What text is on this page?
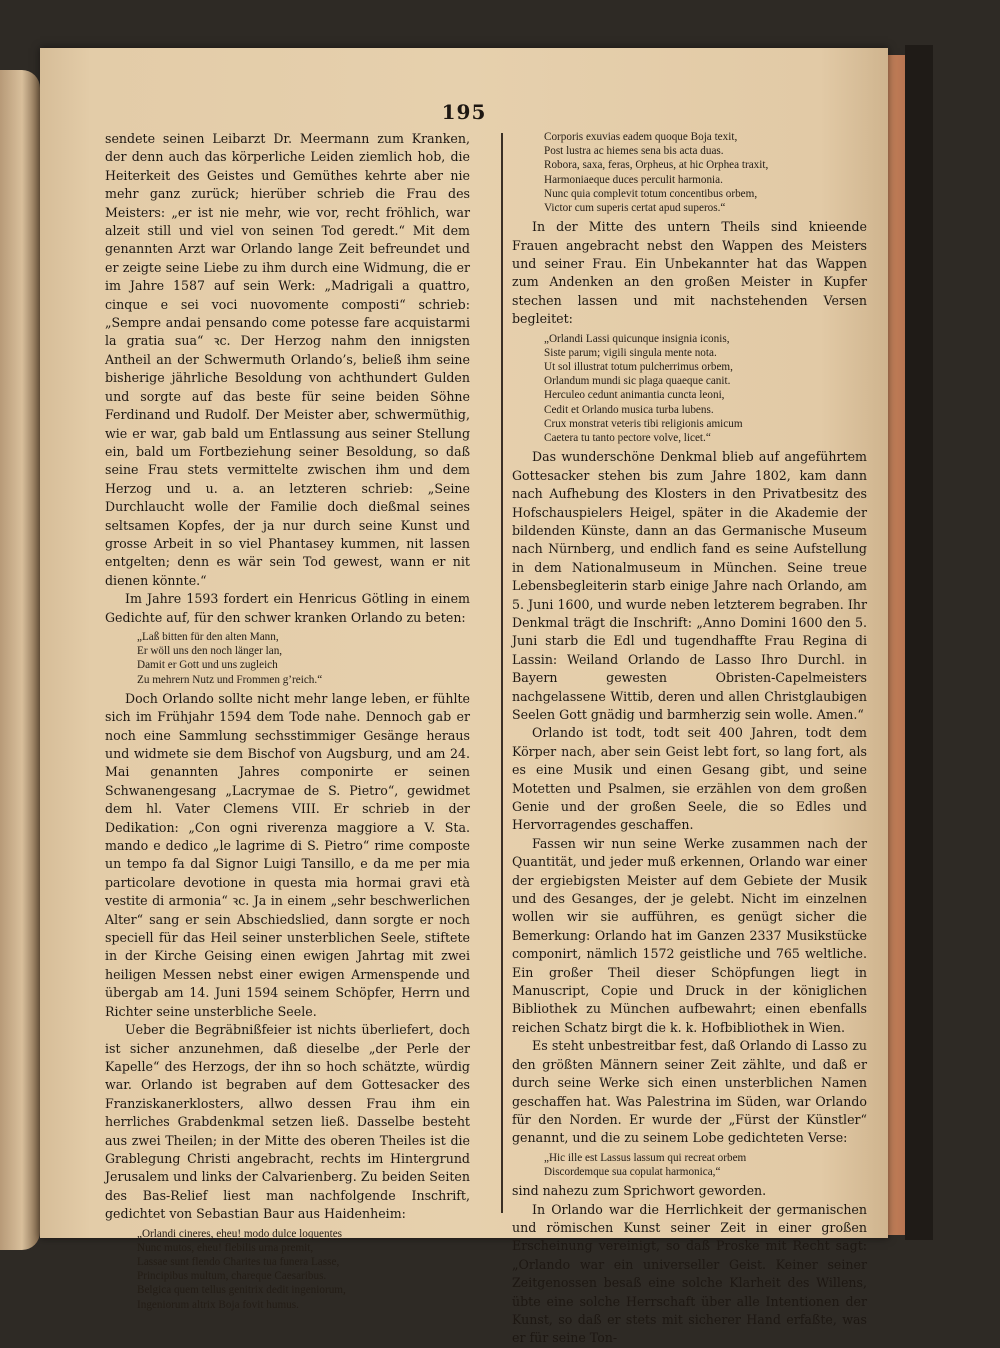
195

sendete seinen Leibarzt Dr. Meermann zum Kranken, der denn auch das körperliche Leiden ziemlich hob, die Heiterkeit des Geistes und Gemüthes kehrte aber nie mehr ganz zurück; hierüber schrieb die Frau des Meisters: „er ist nie mehr, wie vor, recht fröhlich, war alzeit still und viel von seinen Tod geredt.“ Mit dem genannten Arzt war Orlando lange Zeit befreundet und er zeigte seine Liebe zu ihm durch eine Widmung, die er im Jahre 1587 auf sein Werk: „Madrigali a quattro, cinque e sei voci nuovomente composti“ schrieb: „Sempre andai pensando come potesse fare acquistarmi la gratia sua“ ꝛc. Der Herzog nahm den innigsten Antheil an der Schwermuth Orlando’s, beließ ihm seine bisherige jährliche Besoldung von achthundert Gulden und sorgte auf das beste für seine beiden Söhne Ferdinand und Rudolf. Der Meister aber, schwermüthig, wie er war, gab bald um Entlassung aus seiner Stellung ein, bald um Fortbeziehung seiner Besoldung, so daß seine Frau stets vermittelte zwischen ihm und dem Herzog und u. a. an letzteren schrieb: „Seine Durchlaucht wolle der Familie doch dießmal seines seltsamen Kopfes, der ja nur durch seine Kunst und grosse Arbeit in so viel Phantasey kummen, nit lassen entgelten; denn es wär sein Tod gewest, wann er nit dienen könnte.“

Im Jahre 1593 fordert ein Henricus Götling in einem Gedichte auf, für den schwer kranken Orlando zu beten:

„Laß bitten für den alten Mann,
Er wöll uns den noch länger lan,
Damit er Gott und uns zugleich
Zu mehrern Nutz und Frommen g’reich.“

Doch Orlando sollte nicht mehr lange leben, er fühlte sich im Frühjahr 1594 dem Tode nahe. Dennoch gab er noch eine Sammlung sechsstimmiger Gesänge heraus und widmete sie dem Bischof von Augsburg, und am 24. Mai genannten Jahres componirte er seinen Schwanengesang „Lacrymae de S. Pietro“, gewidmet dem hl. Vater Clemens VIII. Er schrieb in der Dedikation: „Con ogni riverenza maggiore a V. Sta. mando e dedico „le lagrime di S. Pietro“ rime composte un tempo fa dal Signor Luigi Tansillo, e da me per mia particolare devotione in questa mia hormai gravi età vestite di armonia“ ꝛc. Ja in einem „sehr beschwerlichen Alter“ sang er sein Abschiedslied, dann sorgte er noch speciell für das Heil seiner unsterblichen Seele, stiftete in der Kirche Geising einen ewigen Jahrtag mit zwei heiligen Messen nebst einer ewigen Armenspende und übergab am 14. Juni 1594 seinem Schöpfer, Herrn und Richter seine unsterbliche Seele.

Ueber die Begräbnißfeier ist nichts überliefert, doch ist sicher anzunehmen, daß dieselbe „der Perle der Kapelle“ des Herzogs, der ihn so hoch schätzte, würdig war. Orlando ist begraben auf dem Gottesacker des Franziskanerklosters, allwo dessen Frau ihm ein herrliches Grabdenkmal setzen ließ. Dasselbe besteht aus zwei Theilen; in der Mitte des oberen Theiles ist die Grablegung Christi angebracht, rechts im Hintergrund Jerusalem und links der Calvarienberg. Zu beiden Seiten des Bas-Relief liest man nachfolgende Inschrift, gedichtet von Sebastian Baur aus Haidenheim:

„Orlandi cineres, eheu! modo dulce loquentes
Nunc mutos, eheu! flebilis urna premit,
Lassae sunt flendo Charites tua funera Lasse,
Principibus multum, chareque Caesaribus.
Belgica quem tellus genitrix dedit ingeniorum,
Ingeniorum altrix Boja fovit humus.
Corporis exuvias eadem quoque Boja texit,
Post lustra ac hiemes sena bis acta duas.
Robora, saxa, feras, Orpheus, at hic Orphea traxit,
Harmoniaeque duces perculit harmonia.
Nunc quia complevit totum concentibus orbem,
Victor cum superis certat apud superos.“

In der Mitte des untern Theils sind knieende Frauen angebracht nebst den Wappen des Meisters und seiner Frau. Ein Unbekannter hat das Wappen zum Andenken an den großen Meister in Kupfer stechen lassen und mit nachstehenden Versen begleitet:

„Orlandi Lassi quicunque insignia iconis,
Siste parum; vigili singula mente nota.
Ut sol illustrat totum pulcherrimus orbem,
Orlandum mundi sic plaga quaeque canit.
Herculeo cedunt animantia cuncta leoni,
Cedit et Orlando musica turba lubens.
Crux monstrat veteris tibi religionis amicum
Caetera tu tanto pectore volve, licet.“

Das wunderschöne Denkmal blieb auf angeführtem Gottesacker stehen bis zum Jahre 1802, kam dann nach Aufhebung des Klosters in den Privatbesitz des Hofschauspielers Heigel, später in die Akademie der bildenden Künste, dann an das Germanische Museum nach Nürnberg, und endlich fand es seine Aufstellung in dem Nationalmuseum in München. Seine treue Lebensbegleiterin starb einige Jahre nach Orlando, am 5. Juni 1600, und wurde neben letzterem begraben. Ihr Denkmal trägt die Inschrift: „Anno Domini 1600 den 5. Juni starb die Edl und tugendhaffte Frau Regina di Lassin: Weiland Orlando de Lasso Ihro Durchl. in Bayern gewesten Obristen-Capelmeisters nachgelassene Wittib, deren und allen Christglaubigen Seelen Gott gnädig und barmherzig sein wolle. Amen.“

Orlando ist todt, todt seit 400 Jahren, todt dem Körper nach, aber sein Geist lebt fort, so lang fort, als es eine Musik und einen Gesang gibt, und seine Motetten und Psalmen, sie erzählen von dem großen Genie und der großen Seele, die so Edles und Hervorragendes geschaffen.

Fassen wir nun seine Werke zusammen nach der Quantität, und jeder muß erkennen, Orlando war einer der ergiebigsten Meister auf dem Gebiete der Musik und des Gesanges, der je gelebt. Nicht im einzelnen wollen wir sie aufführen, es genügt sicher die Bemerkung: Orlando hat im Ganzen 2337 Musikstücke componirt, nämlich 1572 geistliche und 765 weltliche. Ein großer Theil dieser Schöpfungen liegt in Manuscript, Copie und Druck in der königlichen Bibliothek zu München aufbewahrt; einen ebenfalls reichen Schatz birgt die k. k. Hofbibliothek in Wien.

Es steht unbestreitbar fest, daß Orlando di Lasso zu den größten Männern seiner Zeit zählte, und daß er durch seine Werke sich einen unsterblichen Namen geschaffen hat. Was Palestrina im Süden, war Orlando für den Norden. Er wurde der „Fürst der Künstler“ genannt, und die zu seinem Lobe gedichteten Verse:

„Hic ille est Lassus lassum qui recreat orbem
Discordemque sua copulat harmonica,“

sind nahezu zum Sprichwort geworden.

In Orlando war die Herrlichkeit der germanischen und römischen Kunst seiner Zeit in einer großen Erscheinung vereinigt, so daß Proske mit Recht sagt: „Orlando war ein universeller Geist. Keiner seiner Zeitgenossen besaß eine solche Klarheit des Willens, übte eine solche Herrschaft über alle Intentionen der Kunst, so daß er stets mit sicherer Hand erfaßte, was er für seine Ton-
